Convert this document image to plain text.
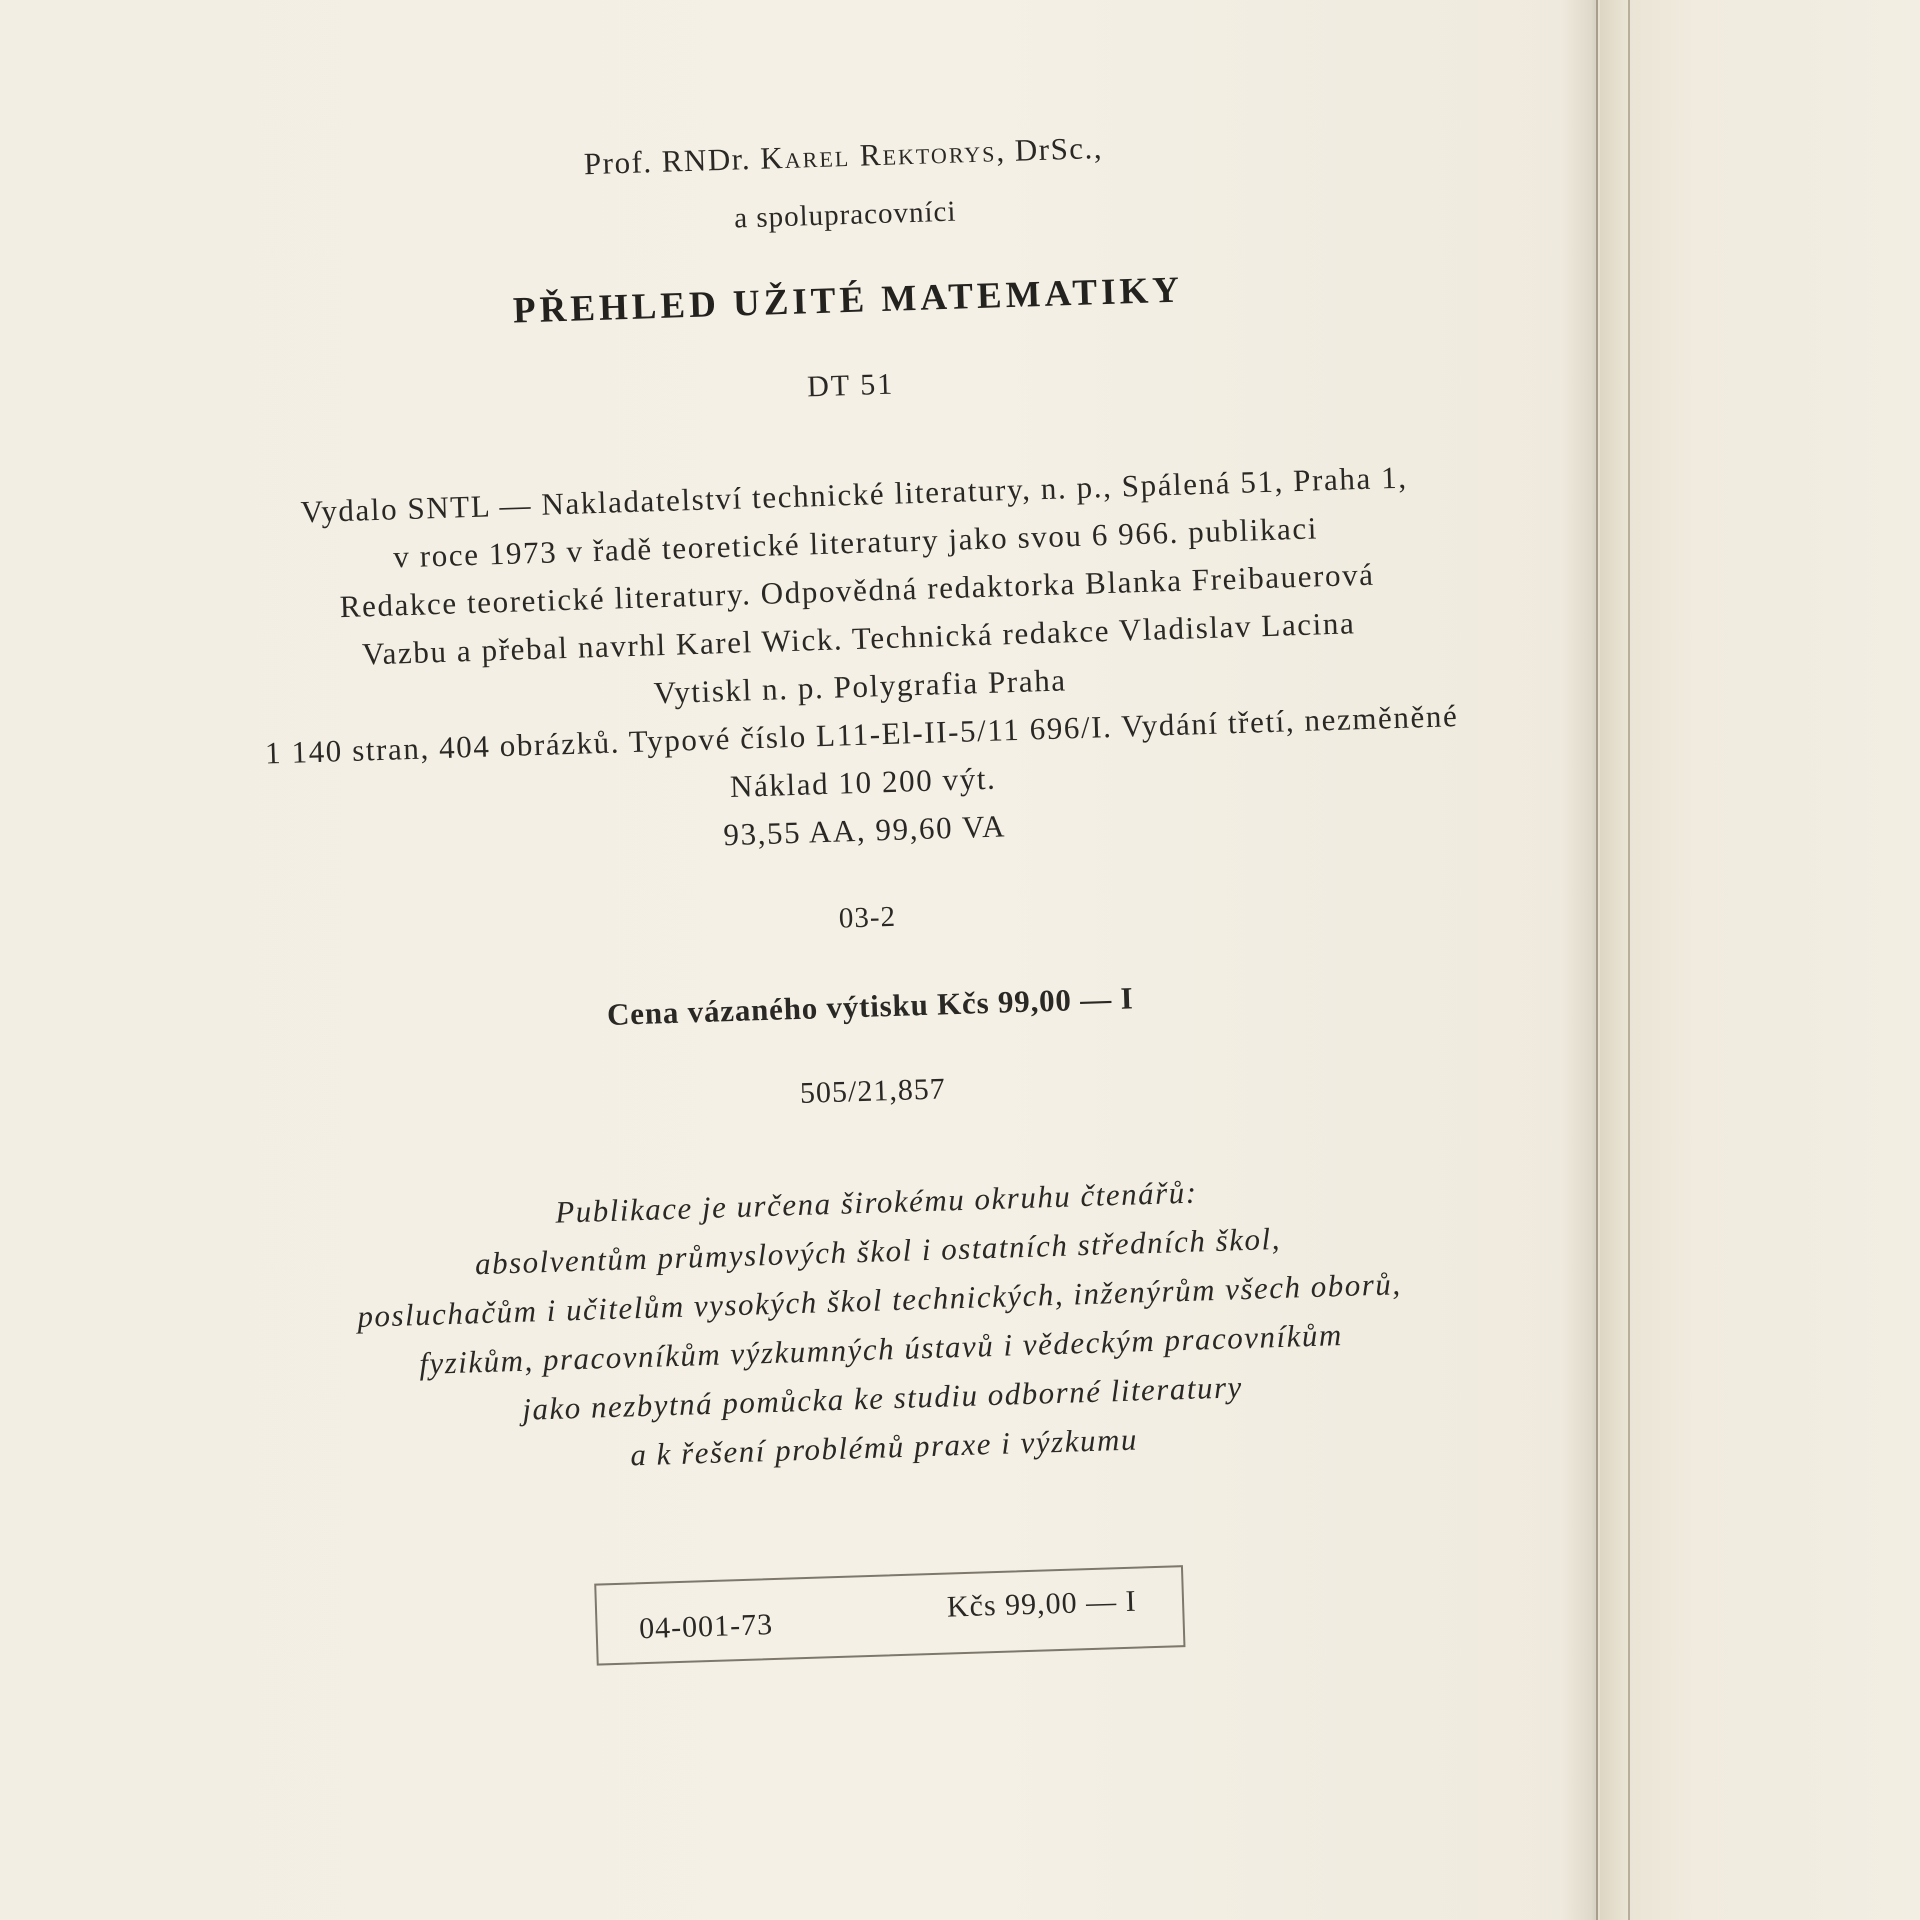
Prof. RNDr. Karel Rektorys, DrSc.,

a spolupracovníci

PŘEHLED UŽITÉ MATEMATIKY

DT 51

Vydalo SNTL — Nakladatelství technické literatury, n. p., Spálená 51, Praha 1,

v roce 1973 v řadě teoretické literatury jako svou 6 966. publikaci

Redakce teoretické literatury. Odpovědná redaktorka Blanka Freibauerová

Vazbu a přebal navrhl Karel Wick. Technická redakce Vladislav Lacina

Vytiskl n. p. Polygrafia Praha

1 140 stran, 404 obrázků. Typové číslo L11-El-II-5/11 696/I. Vydání třetí, nezměněné

Náklad 10 200 výt.

93,55 AA, 99,60 VA

03-2

Cena vázaného výtisku Kčs 99,00 — I

505/21,857

Publikace je určena širokému okruhu čtenářů:

absolventům průmyslových škol i ostatních středních škol,

posluchačům i učitelům vysokých škol technických, inženýrům všech oborů,

fyzikům, pracovníkům výzkumných ústavů i vědeckým pracovníkům

jako nezbytná pomůcka ke studiu odborné literatury

a k řešení problémů praxe i výzkumu

04-001-73
Kčs 99,00 — I
